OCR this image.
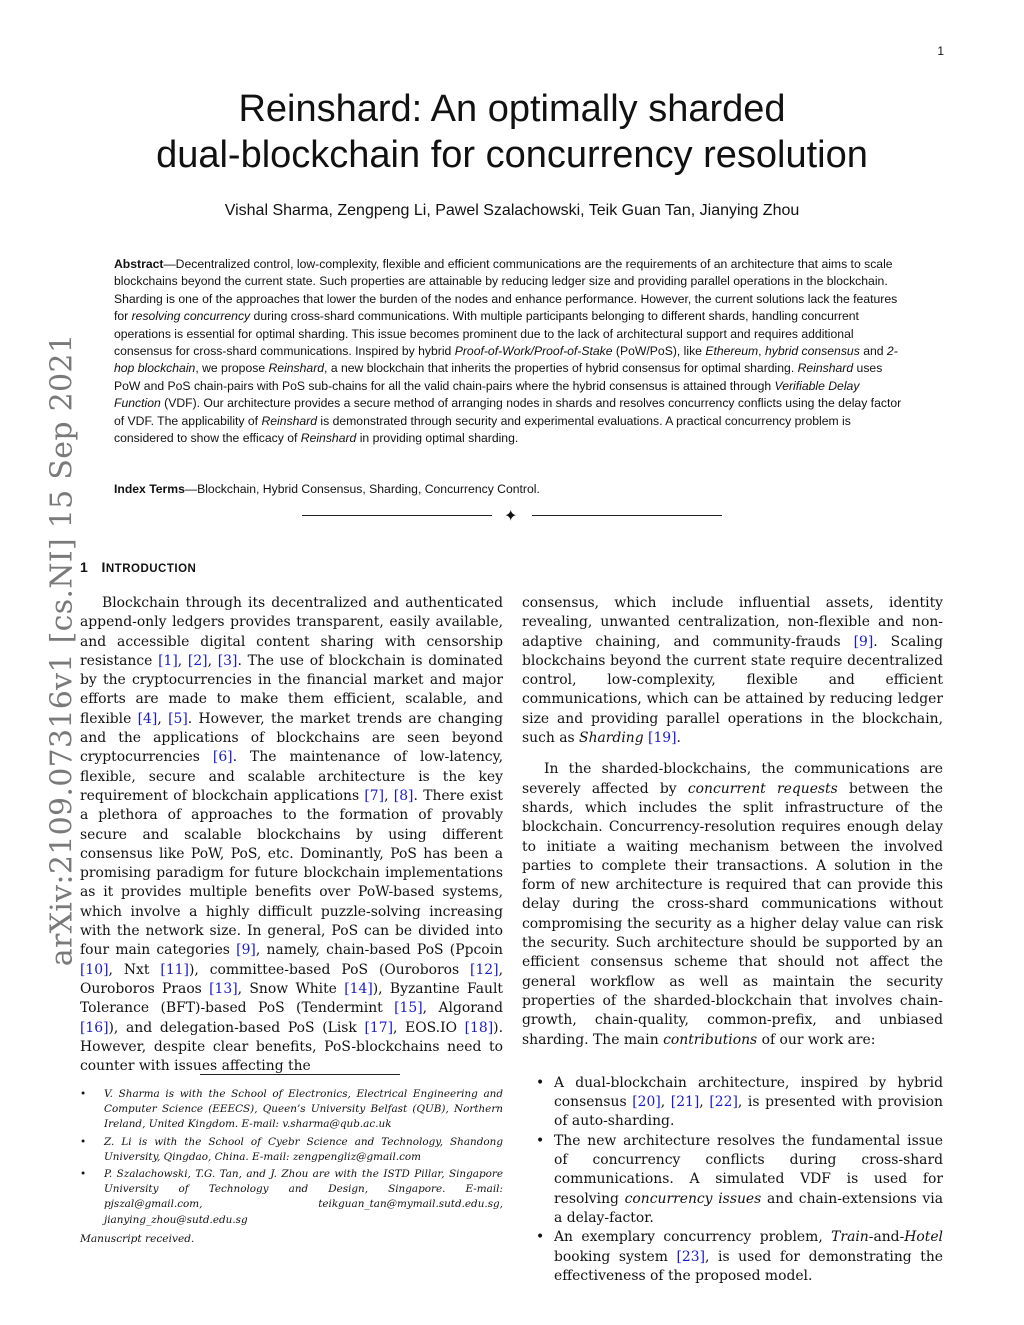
1
arXiv:2109.07316v1 [cs.NI] 15 Sep 2021
Reinshard: An optimally sharded
dual-blockchain for concurrency resolution
Vishal Sharma, Zengpeng Li, Pawel Szalachowski, Teik Guan Tan, Jianying Zhou

Abstract—Decentralized control, low-complexity, flexible and efficient communications are the requirements of an architecture that aims to scale blockchains beyond the current state. Such properties are attainable by reducing ledger size and providing parallel operations in the blockchain. Sharding is one of the approaches that lower the burden of the nodes and enhance performance. However, the current solutions lack the features for resolving concurrency during cross-shard communications. With multiple participants belonging to different shards, handling concurrent operations is essential for optimal sharding. This issue becomes prominent due to the lack of architectural support and requires additional consensus for cross-shard communications. Inspired by hybrid Proof-of-Work/Proof-of-Stake (PoW/PoS), like Ethereum, hybrid consensus and 2-hop blockchain, we propose Reinshard, a new blockchain that inherits the properties of hybrid consensus for optimal sharding. Reinshard uses PoW and PoS chain-pairs with PoS sub-chains for all the valid chain-pairs where the hybrid consensus is attained through Verifiable Delay Function (VDF). Our architecture provides a secure method of arranging nodes in shards and resolves concurrency conflicts using the delay factor of VDF. The applicability of Reinshard is demonstrated through security and experimental evaluations. A practical concurrency problem is considered to show the efficacy of Reinshard in providing optimal sharding.

Index Terms—Blockchain, Hybrid Consensus, Sharding, Concurrency Control.
✦
1 INTRODUCTION

Blockchain through its decentralized and authenticated append-only ledgers provides transparent, easily available, and accessible digital content sharing with censorship resistance [1], [2], [3]. The use of blockchain is dominated by the cryptocurrencies in the financial market and major efforts are made to make them efficient, scalable, and flexible [4], [5]. However, the market trends are changing and the applications of blockchains are seen beyond cryptocurrencies [6]. The maintenance of low-latency, flexible, secure and scalable architecture is the key requirement of blockchain applications [7], [8]. There exist a plethora of approaches to the formation of provably secure and scalable blockchains by using different consensus like PoW, PoS, etc. Dominantly, PoS has been a promising paradigm for future blockchain implementations as it provides multiple benefits over PoW-based systems, which involve a highly difficult puzzle-solving increasing with the network size. In general, PoS can be divided into four main categories [9], namely, chain-based PoS (Ppcoin [10], Nxt [11]), committee-based PoS (Ouroboros [12], Ouroboros Praos [13], Snow White [14]), Byzantine Fault Tolerance (BFT)-based PoS (Tendermint [15], Algorand [16]), and delegation-based PoS (Lisk [17], EOS.IO [18]). However, despite clear benefits, PoS-blockchains need to counter with issues affecting the

consensus, which include influential assets, identity revealing, unwanted centralization, non-flexible and non-adaptive chaining, and community-frauds [9]. Scaling blockchains beyond the current state require decentralized control, low-complexity, flexible and efficient communications, which can be attained by reducing ledger size and providing parallel operations in the blockchain, such as Sharding [19].

In the sharded-blockchains, the communications are severely affected by concurrent requests between the shards, which includes the split infrastructure of the blockchain. Concurrency-resolution requires enough delay to initiate a waiting mechanism between the involved parties to complete their transactions. A solution in the form of new architecture is required that can provide this delay during the cross-shard communications without compromising the security as a higher delay value can risk the security. Such architecture should be supported by an efficient consensus scheme that should not affect the general workflow as well as maintain the security properties of the sharded-blockchain that involves chain-growth, chain-quality, common-prefix, and unbiased sharding. The main contributions of our work are:

• A dual-blockchain architecture, inspired by hybrid consensus [20], [21], [22], is presented with provision of auto-sharding.
• The new architecture resolves the fundamental issue of concurrency conflicts during cross-shard communications. A simulated VDF is used for resolving concurrency issues and chain-extensions via a delay-factor.
• An exemplary concurrency problem, Train-and-Hotel booking system [23], is used for demonstrating the effectiveness of the proposed model.
• V. Sharma is with the School of Electronics, Electrical Engineering and Computer Science (EEECS), Queen’s University Belfast (QUB), Northern Ireland, United Kingdom. E-mail: v.sharma@qub.ac.uk
• Z. Li is with the School of Cyebr Science and Technology, Shandong University, Qingdao, China. E-mail: zengpengliz@gmail.com
• P. Szalachowski, T.G. Tan, and J. Zhou are with the ISTD Pillar, Singapore University of Technology and Design, Singapore. E-mail: pjszal@gmail.com, teikguan_tan@mymail.sutd.edu.sg, jianying_zhou@sutd.edu.sg
Manuscript received.
